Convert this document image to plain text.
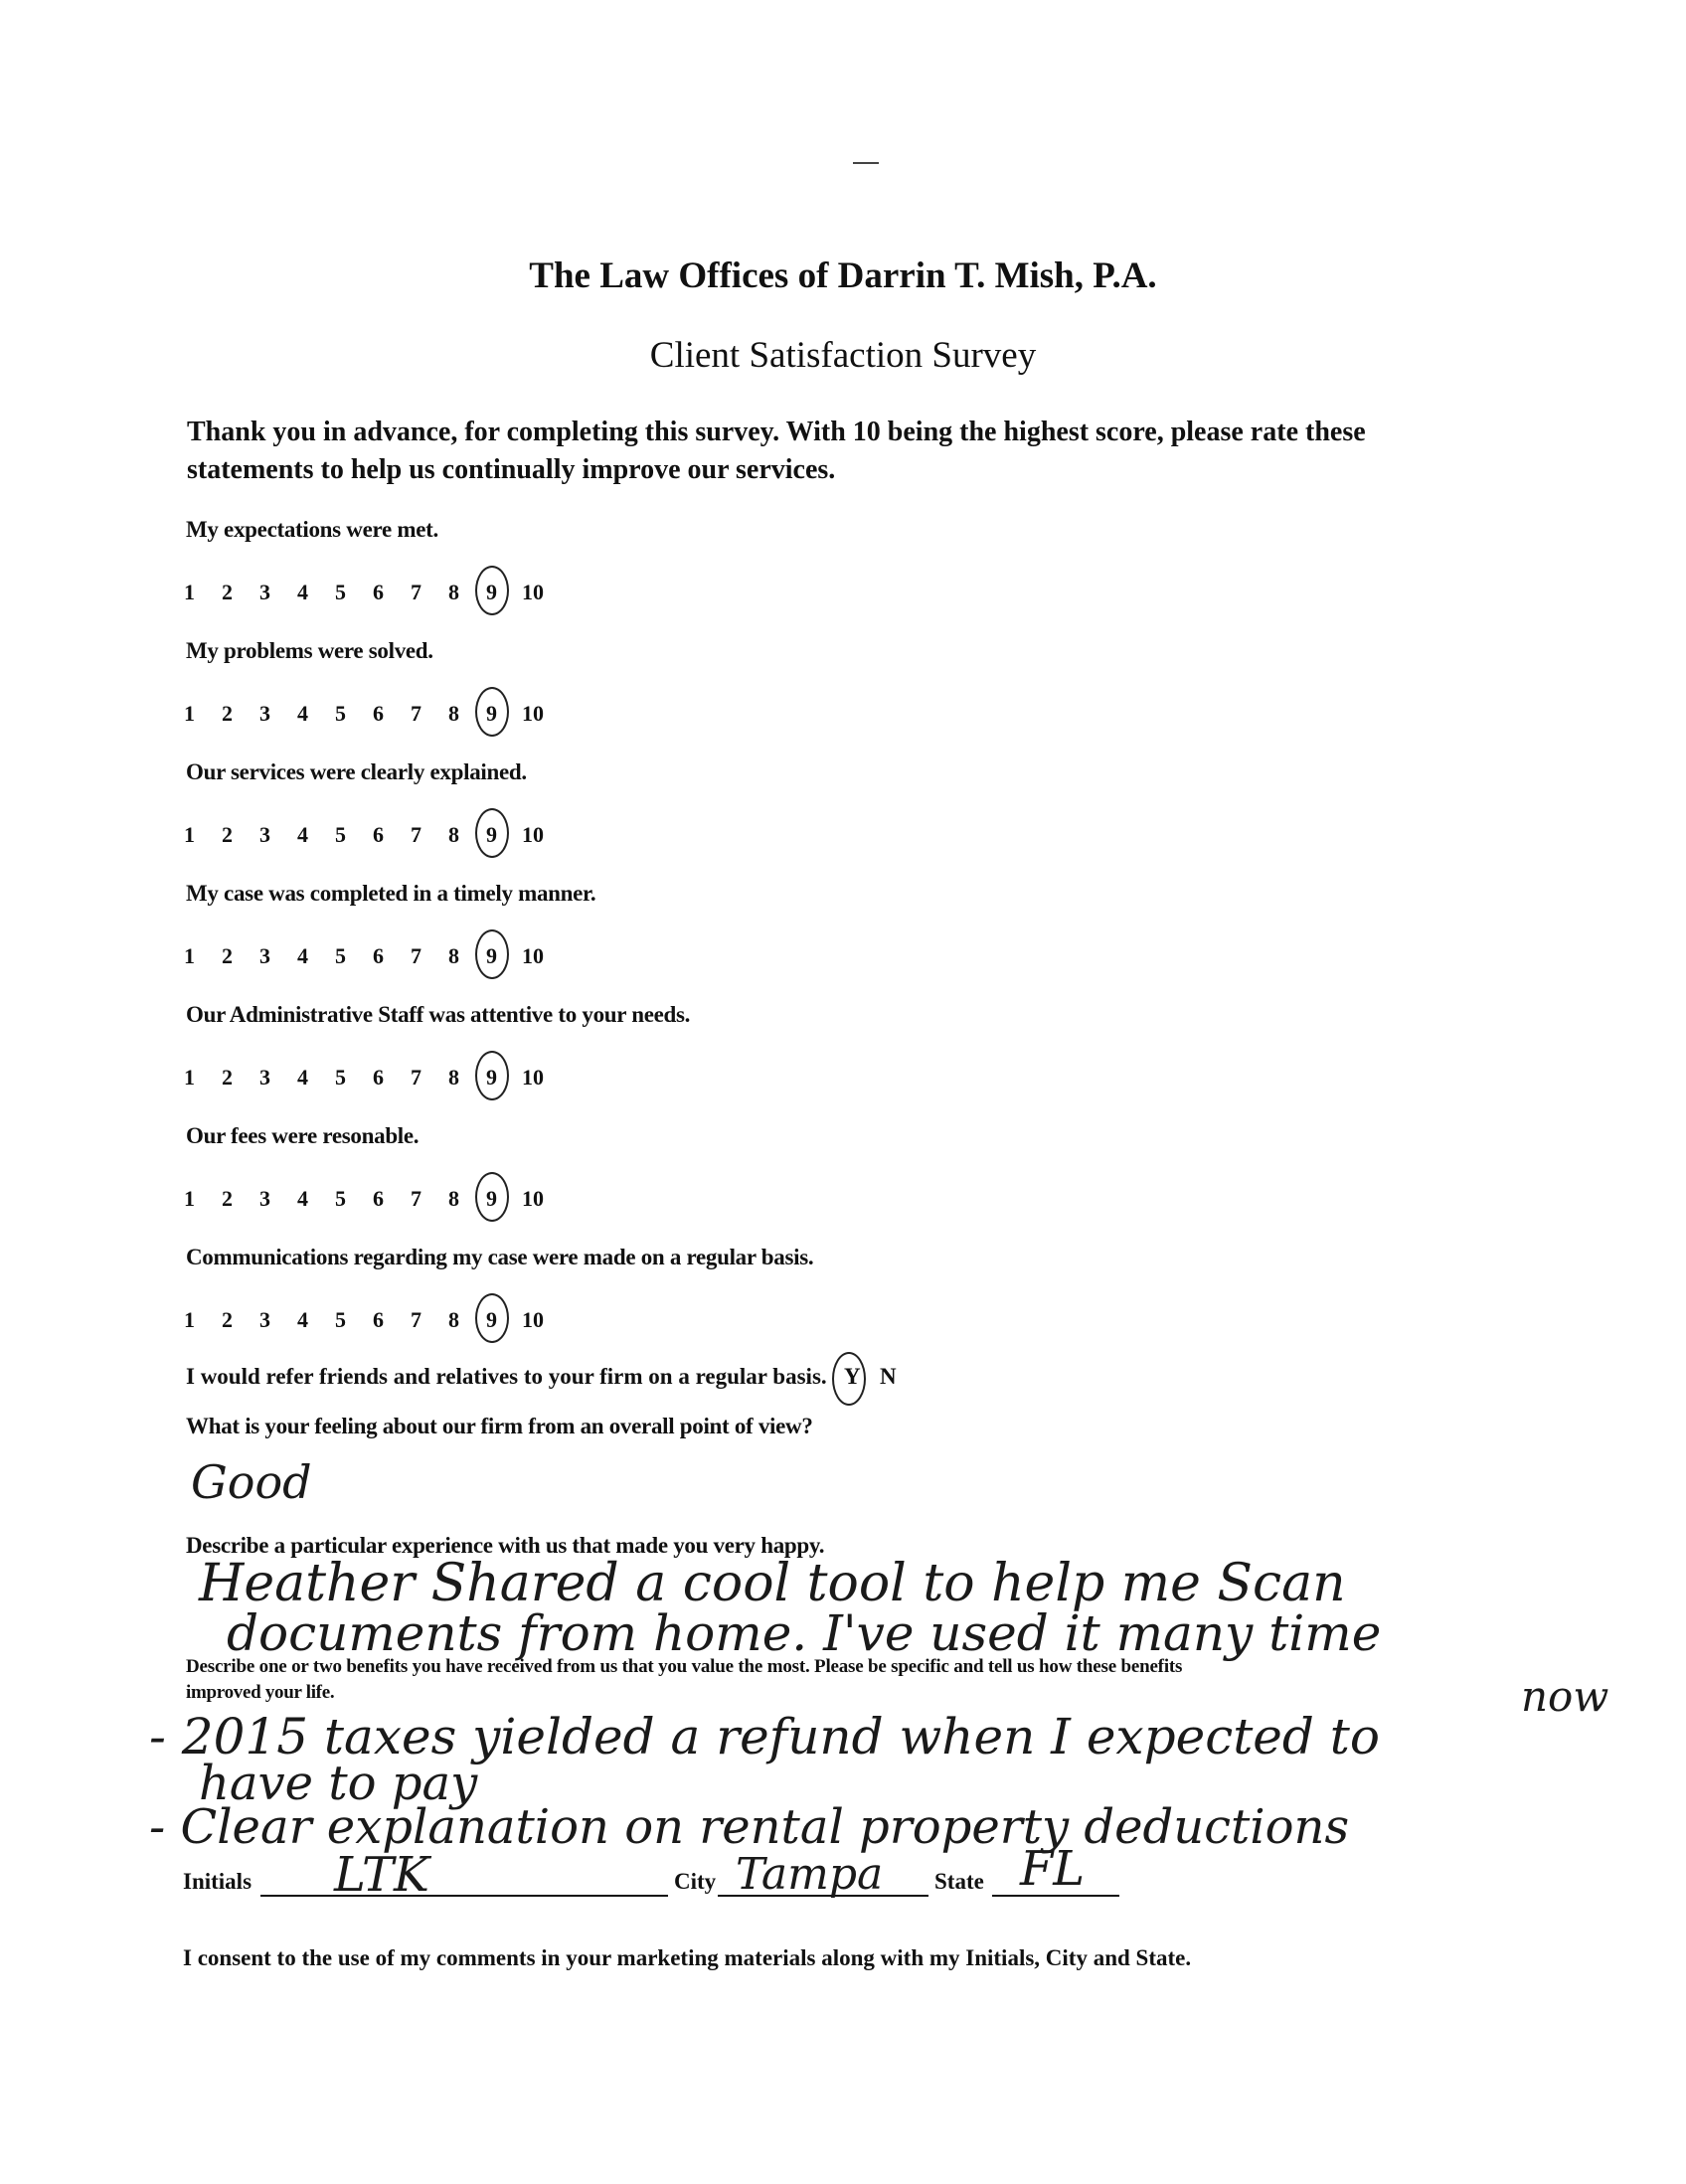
The Law Offices of Darrin T. Mish, P.A.
Client Satisfaction Survey
Thank you in advance, for completing this survey. With 10 being the highest score, please rate these statements to help us continually improve our services.
My expectations were met.
1 2 3 4 5 6 7 8 9 10
My problems were solved.
1 2 3 4 5 6 7 8 9 10
Our services were clearly explained.
1 2 3 4 5 6 7 8 9 10
My case was completed in a timely manner.
1 2 3 4 5 6 7 8 9 10
Our Administrative Staff was attentive to your needs.
1 2 3 4 5 6 7 8 9 10
Our fees were resonable.
1 2 3 4 5 6 7 8 9 10
Communications regarding my case were made on a regular basis.
1 2 3 4 5 6 7 8 9 10
I would refer friends and relatives to your firm on a regular basis. Y N
What is your feeling about our firm from an overall point of view?
Good
Describe a particular experience with us that made you very happy.
Heather Shared a cool tool to help me Scan
documents from home. I've used it many time
Describe one or two benefits you have received from us that you value the most. Please be specific and tell us how these benefits
improved your life.	now
- 2015 taxes yielded a refund when I expected to
have to pay
- Clear explanation on rental property deductions
Initials LTK	City Tampa State FL
I consent to the use of my comments in your marketing materials along with my Initials, City and State.
